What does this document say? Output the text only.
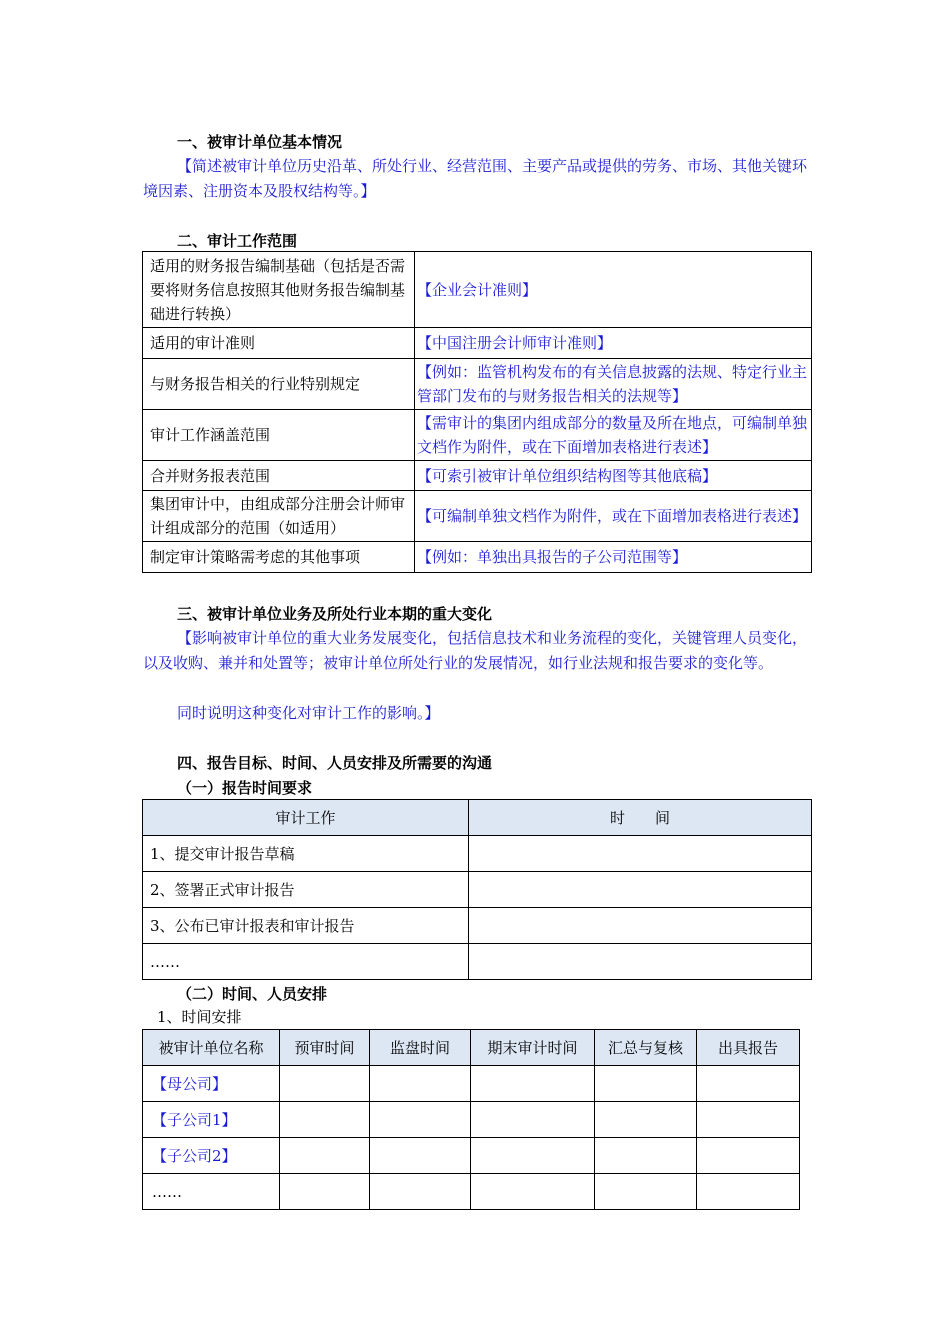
一、被审计单位基本情况
【简述被审计单位历史沿革、所处行业、经营范围、主要产品或提供的劳务、市场、其他关键环境因素、注册资本及股权结构等。】
二、审计工作范围
适用的财务报告编制基础（包括是否需要将财务信息按照其他财务报告编制基础进行转换）	【企业会计准则】
适用的审计准则	【中国注册会计师审计准则】
与财务报告相关的行业特别规定	【例如：监管机构发布的有关信息披露的法规、特定行业主管部门发布的与财务报告相关的法规等】
审计工作涵盖范围	【需审计的集团内组成部分的数量及所在地点，可编制单独文档作为附件，或在下面增加表格进行表述】
合并财务报表范围	【可索引被审计单位组织结构图等其他底稿】
集团审计中，由组成部分注册会计师审计组成部分的范围（如适用）	【可编制单独文档作为附件，或在下面增加表格进行表述】
制定审计策略需考虑的其他事项	【例如：单独出具报告的子公司范围等】
三、被审计单位业务及所处行业本期的重大变化
【影响被审计单位的重大业务发展变化，包括信息技术和业务流程的变化，关键管理人员变化，以及收购、兼并和处置等；被审计单位所处行业的发展情况，如行业法规和报告要求的变化等。
同时说明这种变化对审计工作的影响。】
四、报告目标、时间、人员安排及所需要的沟通
（一）报告时间要求
审计工作	时　　间
1、提交审计报告草稿	
2、签署正式审计报告	
3、公布已审计报表和审计报告	
……	
（二）时间、人员安排
1、时间安排
被审计单位名称	预审时间	监盘时间	期末审计时间	汇总与复核	出具报告
【母公司】					
【子公司1】					
【子公司2】					
……					
